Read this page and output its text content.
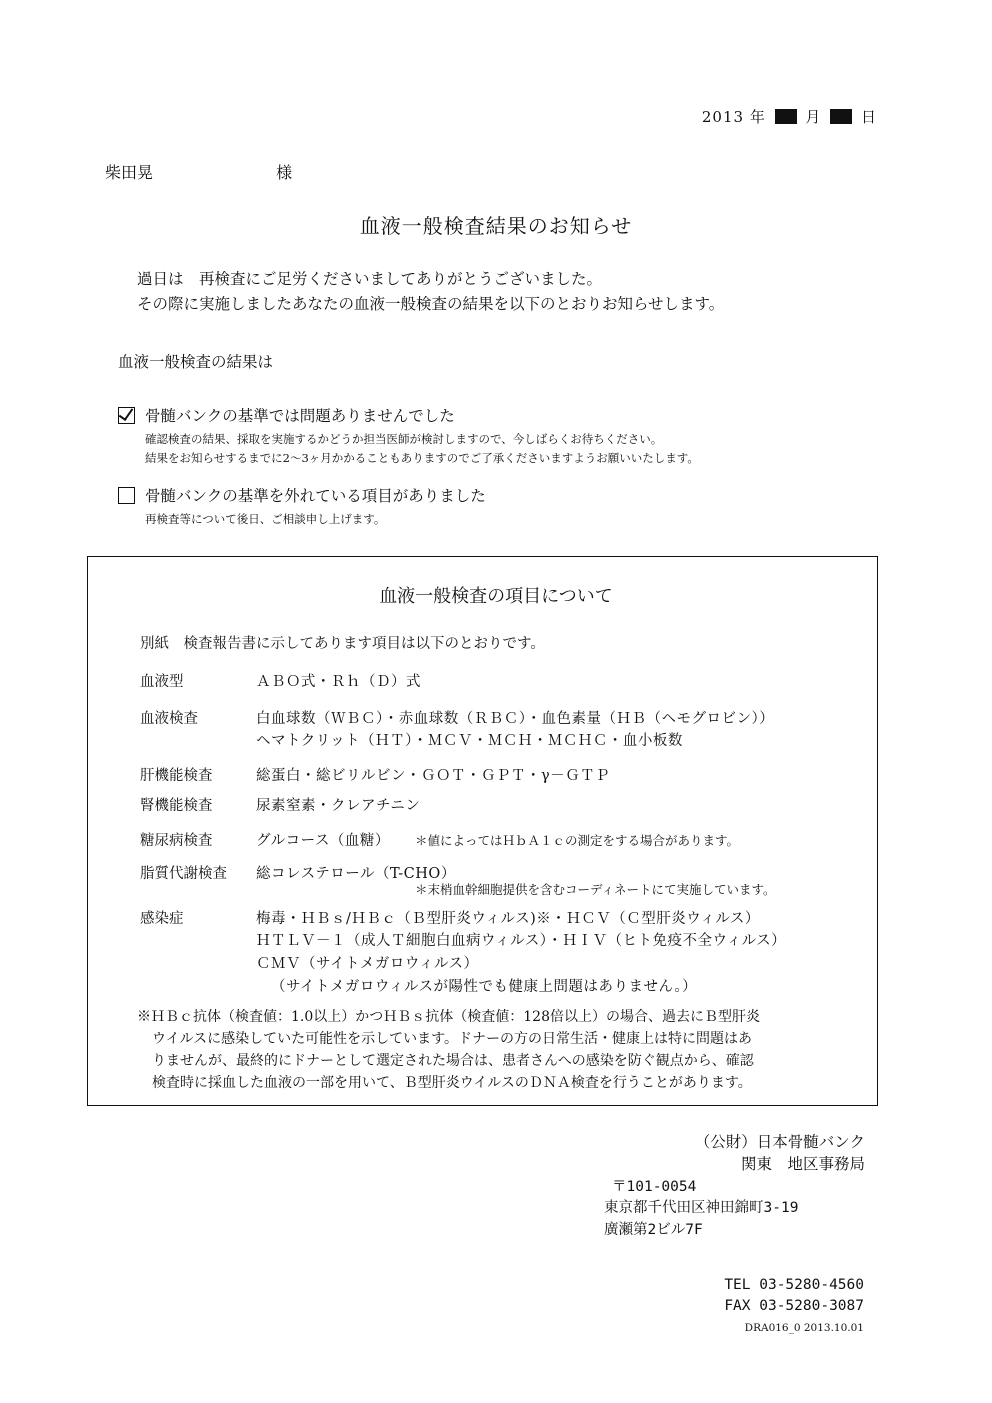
2013 年	月	日
柴田晃	様
血液一般検査結果のお知らせ
過日は　再検査にご足労くださいましてありがとうございました。
その際に実施しましたあなたの血液一般検査の結果を以下のとおりお知らせします。
血液一般検査の結果は
骨髄バンクの基準では問題ありませんでした
確認検査の結果、採取を実施するかどうか担当医師が検討しますので、今しばらくお待ちください。
結果をお知らせするまでに2～3ヶ月かかることもありますのでご了承くださいますようお願いいたします。
骨髄バンクの基準を外れている項目がありました
再検査等について後日、ご相談申し上げます。
血液一般検査の項目について
別紙　検査報告書に示してあります項目は以下のとおりです。
血液型	ＡＢＯ式・Ｒｈ（Ｄ）式
血液検査	白血球数（ＷＢＣ）・赤血球数（ＲＢＣ）・血色素量（ＨＢ（ヘモグロビン））
ヘマトクリット（ＨＴ）・ＭＣＶ・ＭＣＨ・ＭＣＨＣ・血小板数
肝機能検査	総蛋白・総ビリルビン・ＧＯＴ・ＧＰＴ・γ－ＧＴＰ
腎機能検査	尿素窒素・クレアチニン
糖尿病検査	グルコース（血糖） ＊値によってはＨｂＡ１ｃの測定をする場合があります。
脂質代謝検査 総コレステロール（T-CHO）
＊末梢血幹細胞提供を含むコーディネートにて実施しています。
感染症	梅毒・ＨＢｓ/ＨＢｃ（Ｂ型肝炎ウィルス)※・ＨＣＶ（Ｃ型肝炎ウィルス）
ＨＴＬＶ－１（成人Ｔ細胞白血病ウィルス）・ＨＩＶ（ヒト免疫不全ウィルス）
ＣＭＶ（サイトメガロウィルス）
（サイトメガロウィルスが陽性でも健康上問題はありません。）
※ＨＢｃ抗体（検査値：1.0以上）かつＨＢｓ抗体（検査値：128倍以上）の場合、過去にＢ型肝炎
ウイルスに感染していた可能性を示しています。ドナーの方の日常生活・健康上は特に問題はあ
りませんが、最終的にドナーとして選定された場合は、患者さんへの感染を防ぐ観点から、確認
検査時に採血した血液の一部を用いて、Ｂ型肝炎ウイルスのＤＮＡ検査を行うことがあります。
（公財）日本骨髄バンク
関東　地区事務局
〒101-0054
東京都千代田区神田錦町3-19
廣瀬第2ビル7F
TEL 03-5280-4560
FAX 03-5280-3087
DRA016_0 2013.10.01
